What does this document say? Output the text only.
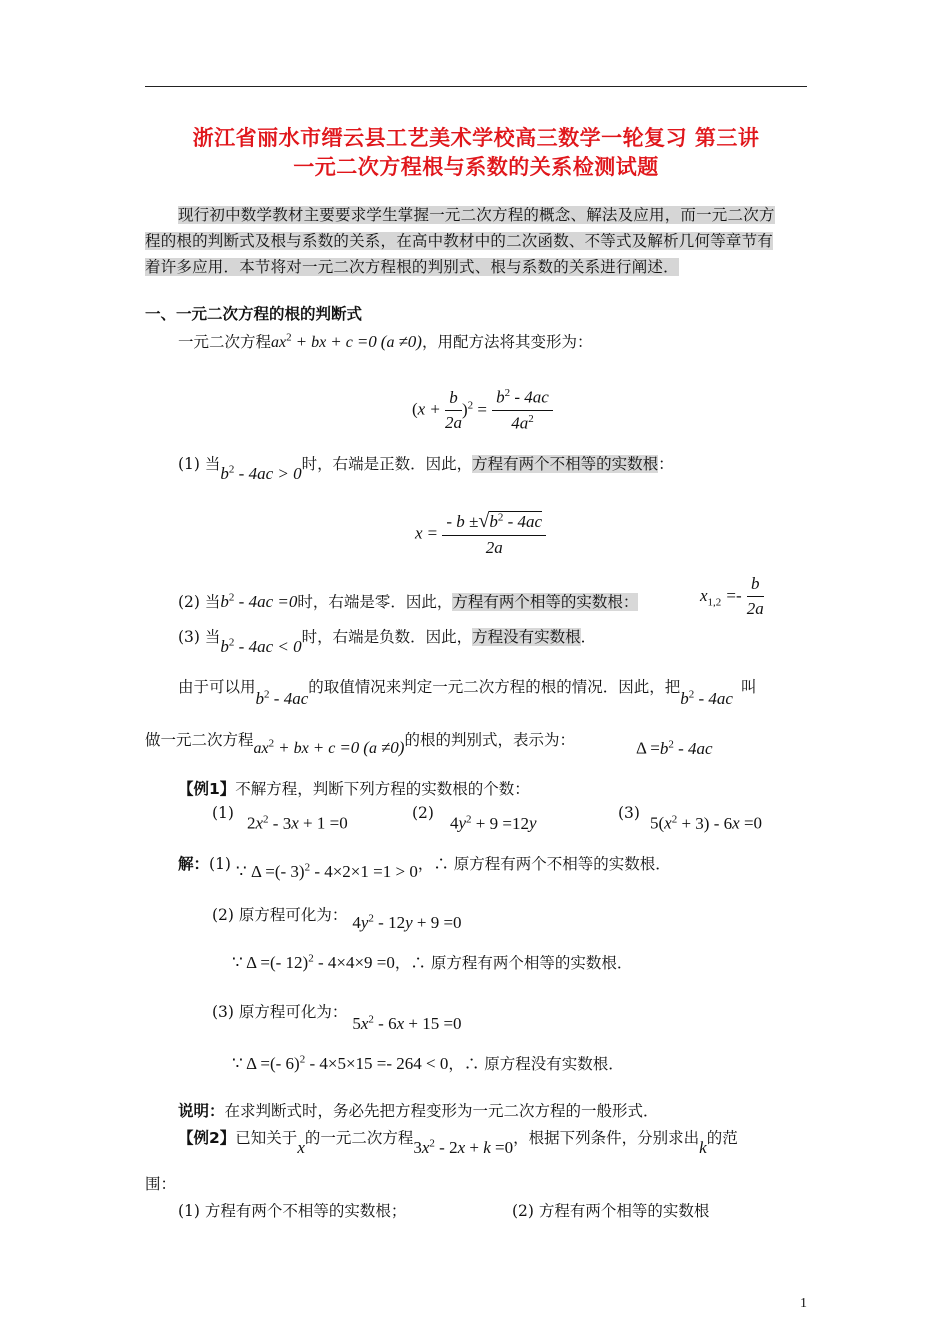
浙江省丽水市缙云县工艺美术学校高三数学一轮复习 第三讲
一元二次方程根与系数的关系检测试题
现行初中数学教材主要要求学生掌握一元二次方程的概念、解法及应用，而一元二次方
程的根的判断式及根与系数的关系，在高中教材中的二次函数、不等式及解析几何等章节有
着许多应用．本节将对一元二次方程根的判别式、根与系数的关系进行阐述．
一、一元二次方程的根的判断式
一元二次方程$ax^2$ + bx + c =0 (a ≠0)，用配方法将其变形为：
$(x + \frac{b}{2a} )^2 = \frac{b^2 - 4ac}{4a^2}$
(1) 当$b^2 - 4ac > 0$时，右端是正数．因此，方程有两个不相等的实数根：
$x = \frac{- b \pm√b^2 - 4ac}{2a}$
(2) 当$b^2 - 4ac =0$时，右端是零．因此，方程有两个相等的实数根：	$x_{1,2} =- \frac{b}{2a}$
(3) 当$b^2 - 4ac < 0$时，右端是负数．因此，方程没有实数根．
由于可以用$b^2 - 4ac$的取值情况来判定一元二次方程的根的情况．因此，把$b^2 - 4ac$叫
做一元二次方程$ax^2$ + bx + c =0 (a ≠0)的根的判别式，表示为：	$\Delta =b^2 - 4ac$
【例1】不解方程，判断下列方程的实数根的个数：
(1)
$2x^2 - 3x + 1 =0$
(2)
$4y^2 + 9 =12y$
(3)
$5(x^2 + 3) - 6x =0$
解：(1) ∵ Δ =(- 3)$^2$ - 4×2×1 =1 > 0，∴ 原方程有两个不相等的实数根．
(2) 原方程可化为： $4y^2 - 12y + 9 =0$
∵ Δ =(- 12)$^2$ - 4×4×9 =0，∴ 原方程有两个相等的实数根．
(3) 原方程可化为： $5x^2 - 6x + 15 =0$
∵ Δ =(- 6)$^2$ - 4×5×15 =- 264 < 0，∴ 原方程没有实数根．
说明：在求判断式时，务必先把方程变形为一元二次方程的一般形式．
【例2】已知关于x的一元二次方程$3x^2 - 2x + k =0$，根据下列条件，分别求出k的范
围：
(1) 方程有两个不相等的实数根；	(2) 方程有两个相等的实数根
1
